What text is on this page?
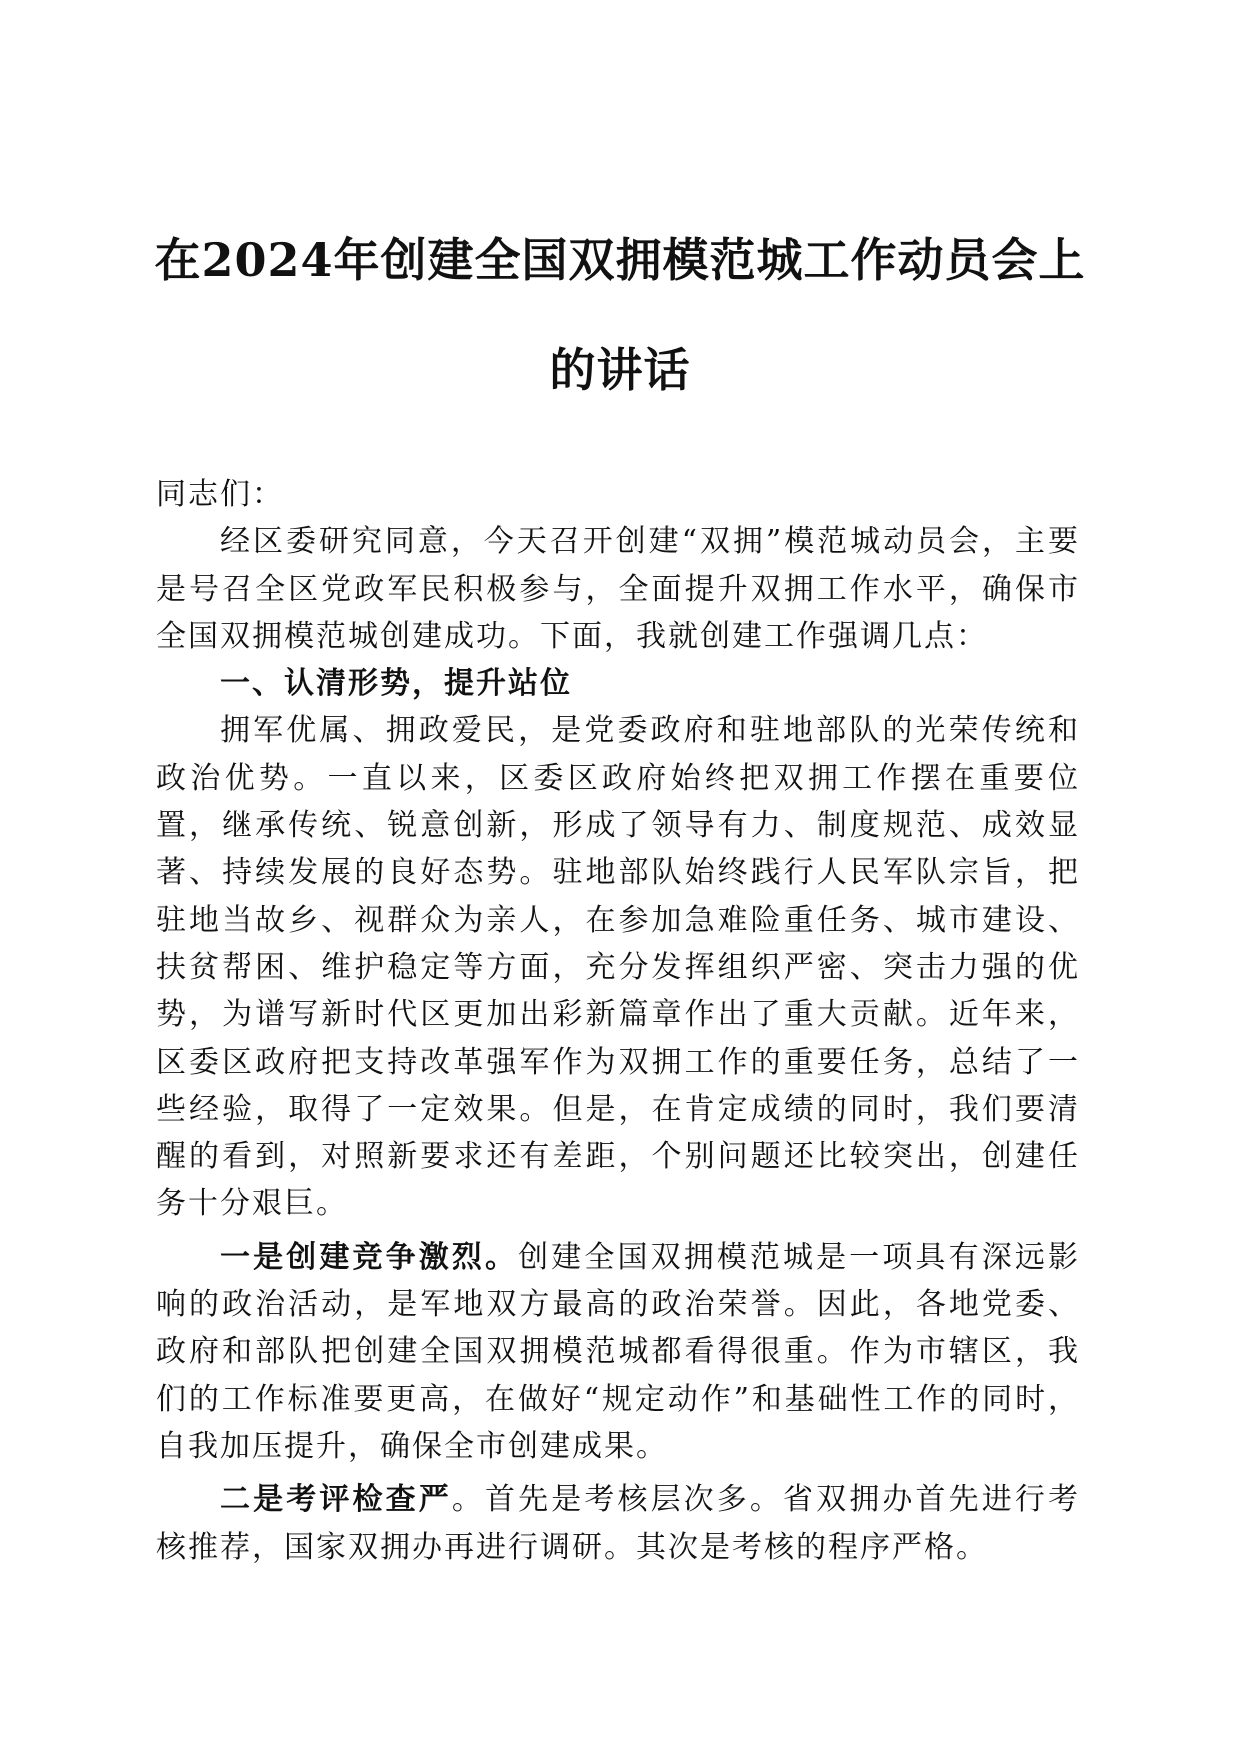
在2024年创建全国双拥模范城工作动员会上
的讲话

同志们：

经区委研究同意，今天召开创建“双拥”模范城动员会，主要是号召全区党政军民积极参与，全面提升双拥工作水平，确保市全国双拥模范城创建成功。下面，我就创建工作强调几点：

一、认清形势，提升站位

拥军优属、拥政爱民，是党委政府和驻地部队的光荣传统和政治优势。一直以来，区委区政府始终把双拥工作摆在重要位置，继承传统、锐意创新，形成了领导有力、制度规范、成效显著、持续发展的良好态势。驻地部队始终践行人民军队宗旨，把驻地当故乡、视群众为亲人，在参加急难险重任务、城市建设、扶贫帮困、维护稳定等方面，充分发挥组织严密、突击力强的优势，为谱写新时代区更加出彩新篇章作出了重大贡献。近年来，区委区政府把支持改革强军作为双拥工作的重要任务，总结了一些经验，取得了一定效果。但是，在肯定成绩的同时，我们要清醒的看到，对照新要求还有差距，个别问题还比较突出，创建任务十分艰巨。

一是创建竞争激烈。创建全国双拥模范城是一项具有深远影响的政治活动，是军地双方最高的政治荣誉。因此，各地党委、政府和部队把创建全国双拥模范城都看得很重。作为市辖区，我们的工作标准要更高，在做好“规定动作”和基础性工作的同时，自我加压提升，确保全市创建成果。

二是考评检查严。首先是考核层次多。省双拥办首先进行考核推荐，国家双拥办再进行调研。其次是考核的程序严格。
